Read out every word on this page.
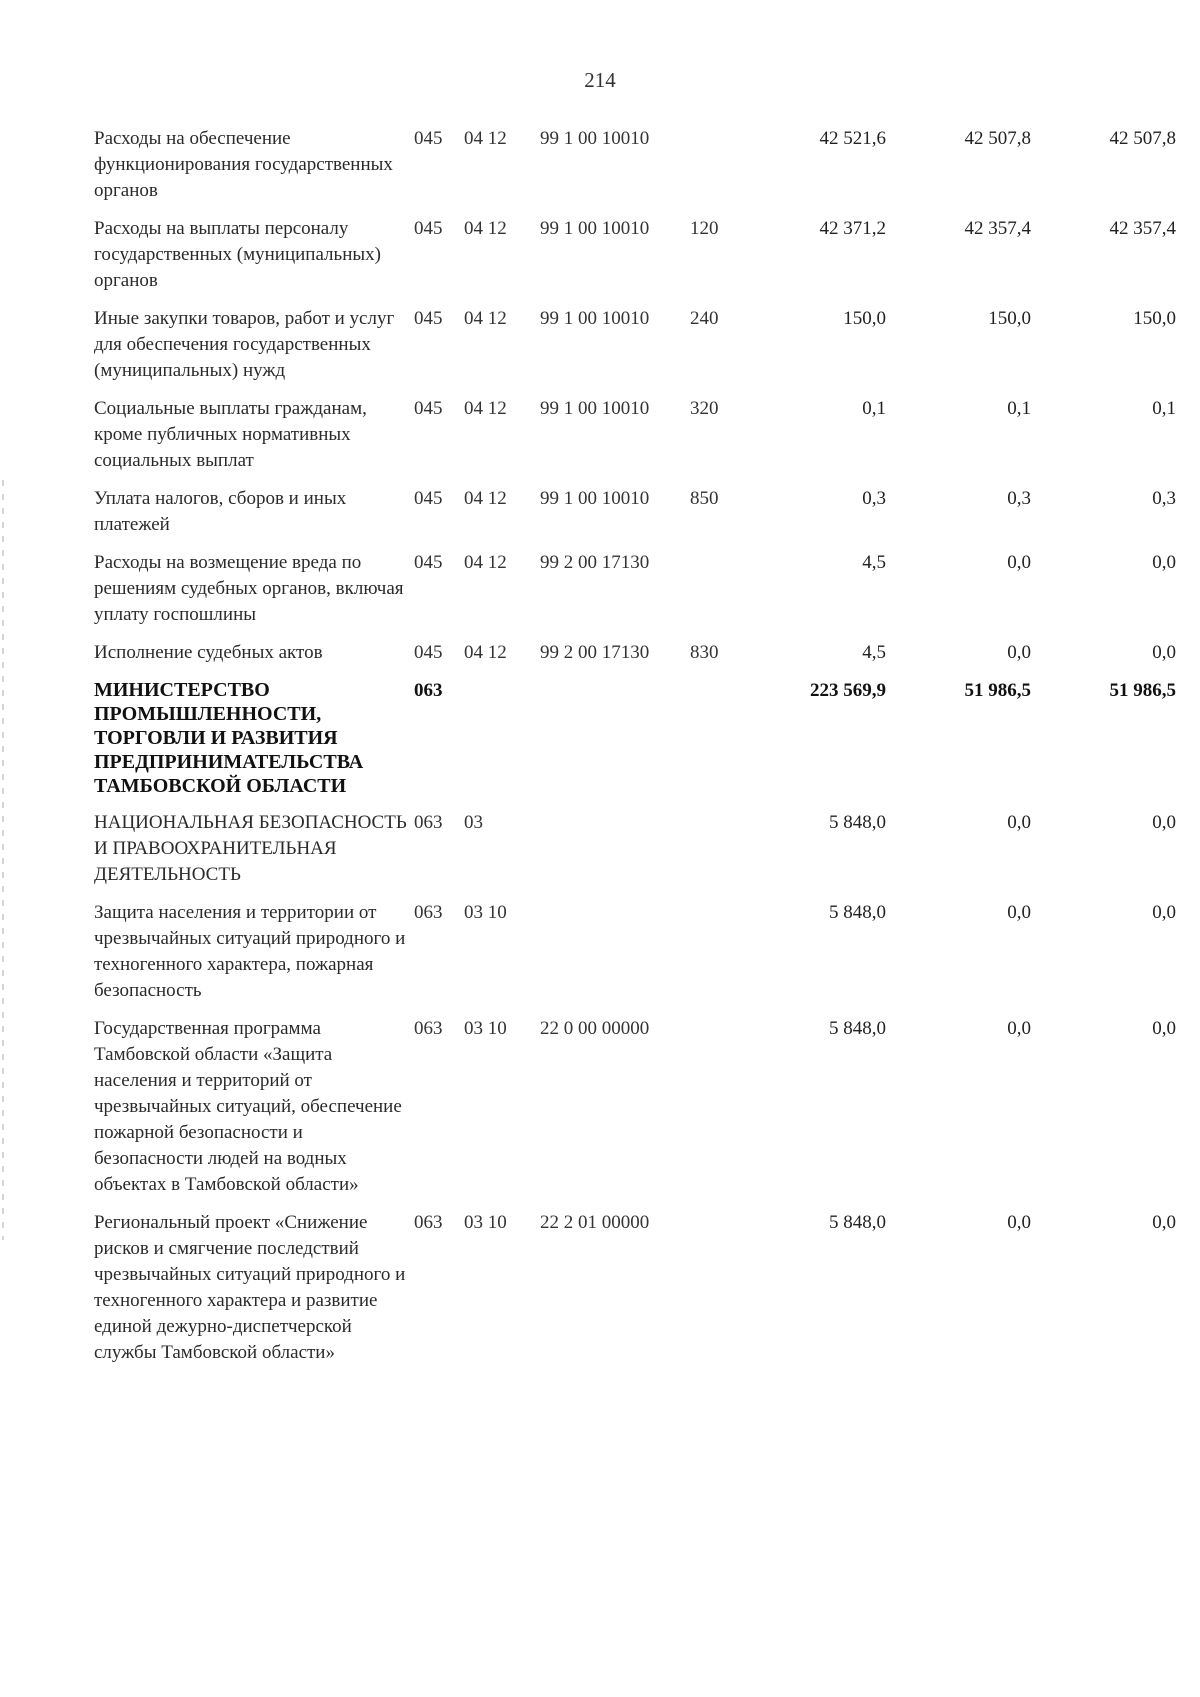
214
Расходы на обеспечение функционирования государственных органов	045	04 12	99 1 00 10010		42 521,6	42 507,8	42 507,8
Расходы на выплаты персоналу государственных (муниципальных) органов	045	04 12	99 1 00 10010	120	42 371,2	42 357,4	42 357,4
Иные закупки товаров, работ и услуг для обеспечения государственных (муниципальных) нужд	045	04 12	99 1 00 10010	240	150,0	150,0	150,0
Социальные выплаты гражданам, кроме публичных нормативных социальных выплат	045	04 12	99 1 00 10010	320	0,1	0,1	0,1
Уплата налогов, сборов и иных платежей	045	04 12	99 1 00 10010	850	0,3	0,3	0,3
Расходы на возмещение вреда по решениям судебных органов, включая уплату госпошлины	045	04 12	99 2 00 17130		4,5	0,0	0,0
Исполнение судебных актов	045	04 12	99 2 00 17130	830	4,5	0,0	0,0
МИНИСТЕРСТВО ПРОМЫШЛЕННОСТИ, ТОРГОВЛИ И РАЗВИТИЯ ПРЕДПРИНИМАТЕЛЬСТВА ТАМБОВСКОЙ ОБЛАСТИ	063				223 569,9	51 986,5	51 986,5
НАЦИОНАЛЬНАЯ БЕЗОПАСНОСТЬ И ПРАВООХРАНИТЕЛЬНАЯ ДЕЯТЕЛЬНОСТЬ	063	03			5 848,0	0,0	0,0
Защита населения и территории от чрезвычайных ситуаций природного и техногенного характера, пожарная безопасность	063	03 10			5 848,0	0,0	0,0
Государственная программа Тамбовской области «Защита населения и территорий от чрезвычайных ситуаций, обеспечение пожарной безопасности и безопасности людей на водных объектах в Тамбовской области»	063	03 10	22 0 00 00000		5 848,0	0,0	0,0
Региональный проект «Снижение рисков и смягчение последствий чрезвычайных ситуаций природного и техногенного характера и развитие единой дежурно-диспетчерской службы Тамбовской области»	063	03 10	22 2 01 00000		5 848,0	0,0	0,0
